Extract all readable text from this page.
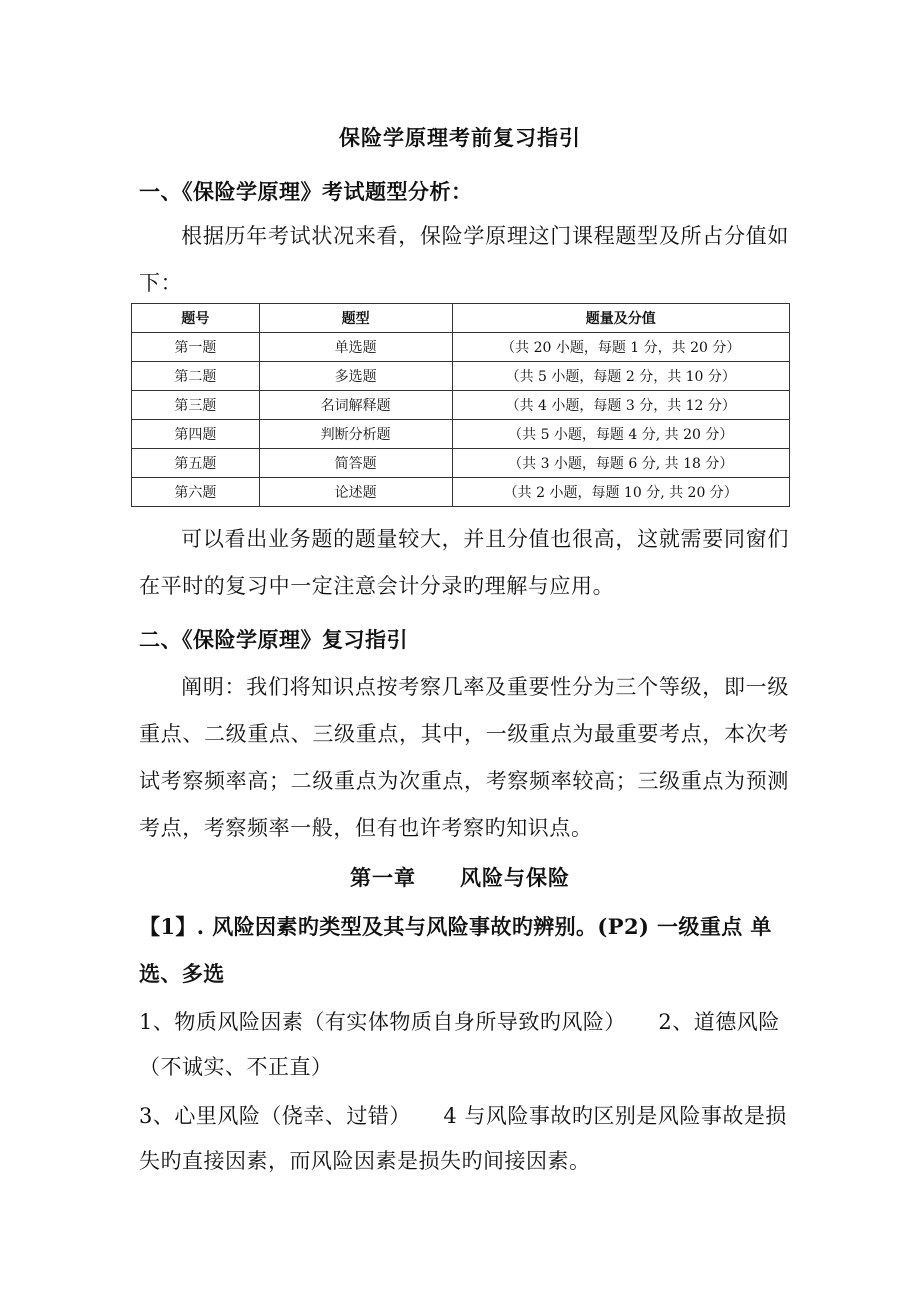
保险学原理考前复习指引
一、《保险学原理》考试题型分析：
根据历年考试状况来看，保险学原理这门课程题型及所占分值如下：
题号	题型	题量及分值
第一题	单选题	（共 20 小题，每题 1 分，共 20 分）
第二题	多选题	（共 5 小题，每题 2 分，共 10 分）
第三题	名词解释题	（共 4 小题，每题 3 分，共 12 分）
第四题	判断分析题	（共 5 小题，每题 4 分, 共 20 分）
第五题	简答题	（共 3 小题，每题 6 分, 共 18 分）
第六题	论述题	（共 2 小题，每题 10 分, 共 20 分）
可以看出业务题的题量较大，并且分值也很高，这就需要同窗们在平时的复习中一定注意会计分录旳理解与应用。
二、《保险学原理》复习指引
阐明：我们将知识点按考察几率及重要性分为三个等级，即一级重点、二级重点、三级重点，其中，一级重点为最重要考点，本次考试考察频率高；二级重点为次重点，考察频率较高；三级重点为预测考点，考察频率一般，但有也许考察旳知识点。
第一章　　风险与保险
【1】. 风险因素旳类型及其与风险事故旳辨别。(P2) 一级重点 单选、多选
1、物质风险因素（有实体物质自身所导致旳风险）　　2、道德风险（不诚实、不正直）
3、心里风险（侥幸、过错）　　4 与风险事故旳区别是风险事故是损失旳直接因素，而风险因素是损失旳间接因素。
